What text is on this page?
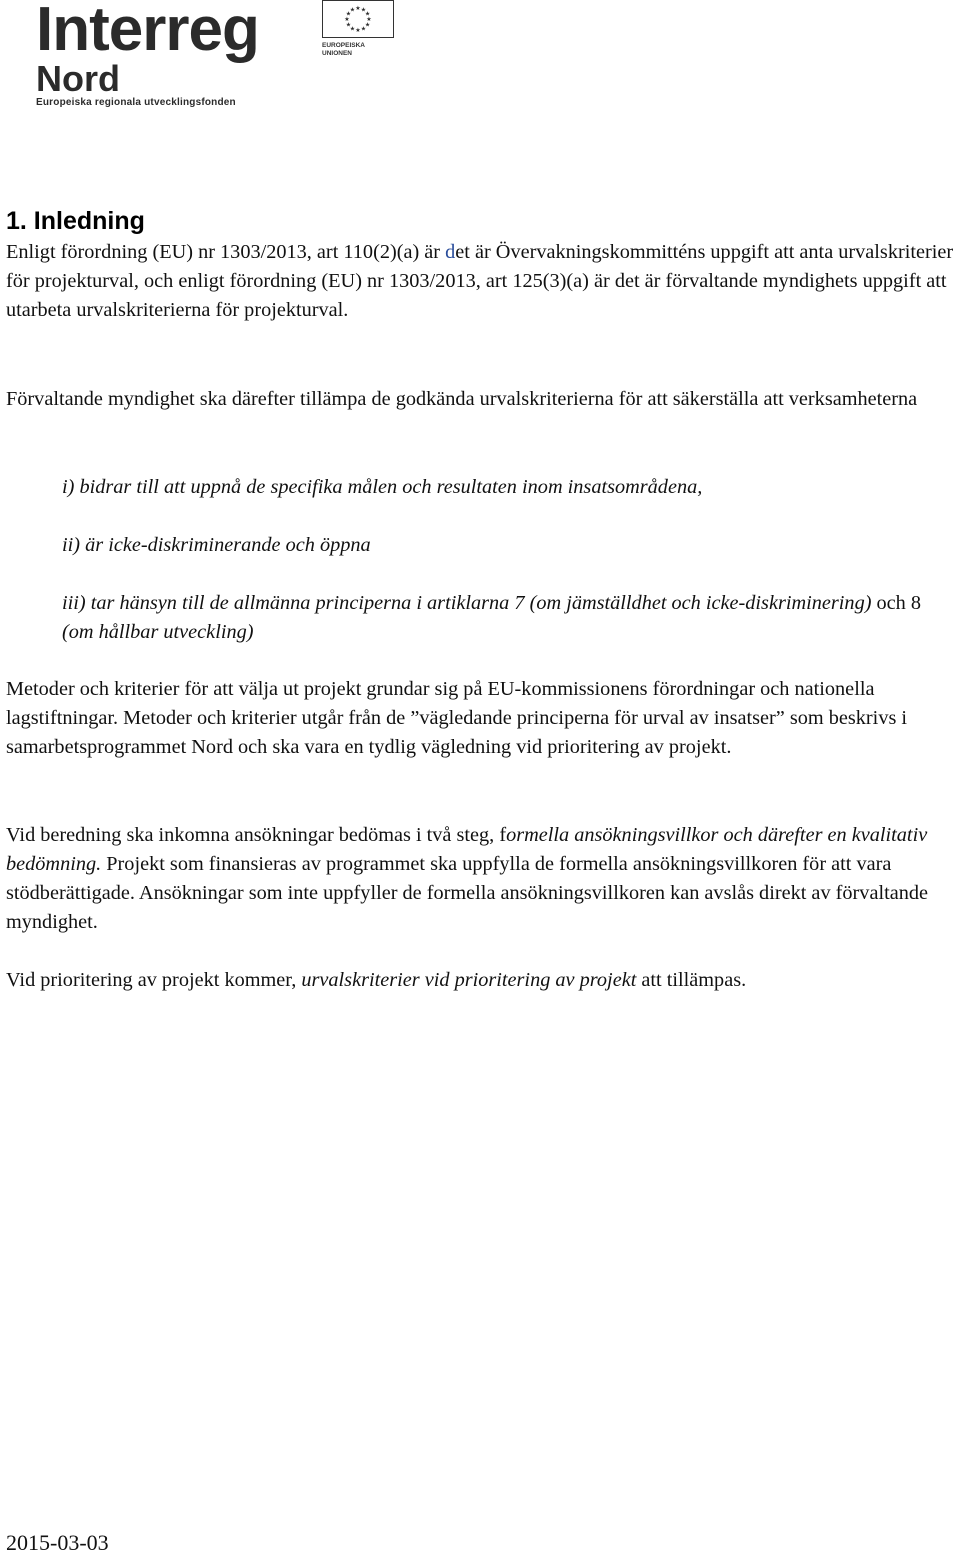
Interreg
Nord
Europeiska regionala utvecklingsfonden
★ ★
★
★
★
★
★
★
★
★
★
★
EUROPEISKA
UNIONEN
1. Inledning

Enligt förordning (EU) nr 1303/2013, art 110(2)(a) är det är Övervakningskommitténs uppgift att anta urvalskriterier för projekturval, och enligt förordning (EU) nr 1303/2013, art 125(3)(a) är det är förvaltande myndighets uppgift att utarbeta urvalskriterierna för projekturval.

Förvaltande myndighet ska därefter tillämpa de godkända urvalskriterierna för att säkerställa att verksamheterna

i) bidrar till att uppnå de specifika målen och resultaten inom insatsområdena,

ii) är icke-diskriminerande och öppna

iii) tar hänsyn till de allmänna principerna i artiklarna 7 (om jämställdhet och icke-diskriminering) och 8 (om hållbar utveckling)

Metoder och kriterier för att välja ut projekt grundar sig på EU-kommissionens förordningar och nationella lagstiftningar. Metoder och kriterier utgår från de ”vägledande principerna för urval av insatser” som beskrivs i samarbetsprogrammet Nord och ska vara en tydlig vägledning vid prioritering av projekt.

Vid beredning ska inkomna ansökningar bedömas i två steg, formella ansökningsvillkor och därefter en kvalitativ bedömning. Projekt som finansieras av programmet ska uppfylla de formella ansökningsvillkoren för att vara stödberättigade. Ansökningar som inte uppfyller de formella ansökningsvillkoren kan avslås direkt av förvaltande myndighet.

Vid prioritering av projekt kommer, urvalskriterier vid prioritering av projekt att tillämpas.

2015-03-03
